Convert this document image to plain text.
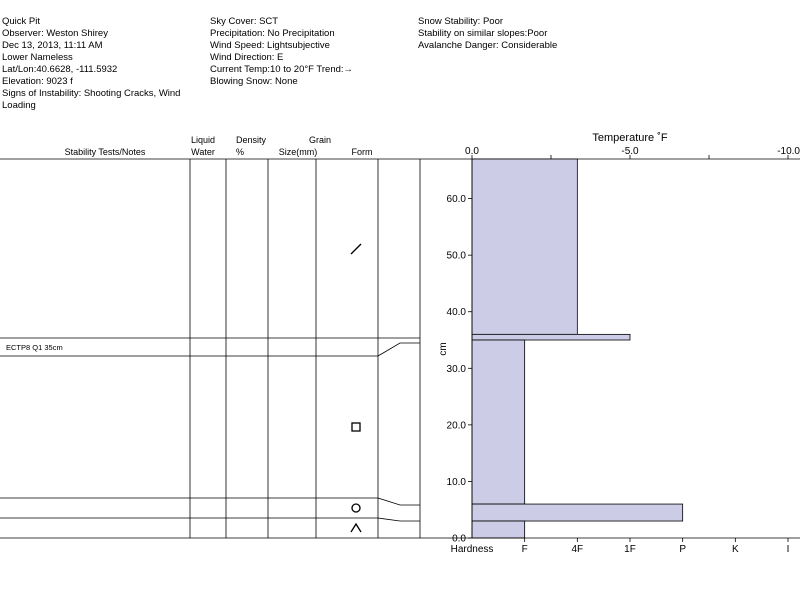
Quick Pit
Observer: Weston Shirey
Dec 13, 2013, 11:11 AM
Lower Nameless
Lat/Lon:40.6628, -111.5932
Elevation: 9023 f
Signs of Instability: Shooting Cracks, Wind Loading
Sky Cover: SCT
Precipitation: No Precipitation
Wind Speed: Lightsubjective
Wind Direction: E
Current Temp:10 to 20°F Trend:→
Blowing Snow: None
Snow Stability: Poor
Stability on similar slopes:Poor
Avalanche Danger: Considerable
Stability Tests/Notes
Liquid
Water
Density
%
Grain
Size(mm)	Form
ECTP8 Q1 35cm
Temperature ˚F
0.0	-5.0	-10.0
0.0
10.0
20.0
30.0
40.0
50.0
60.0
cm
Hardness	F	4F	1F	P	K	I
